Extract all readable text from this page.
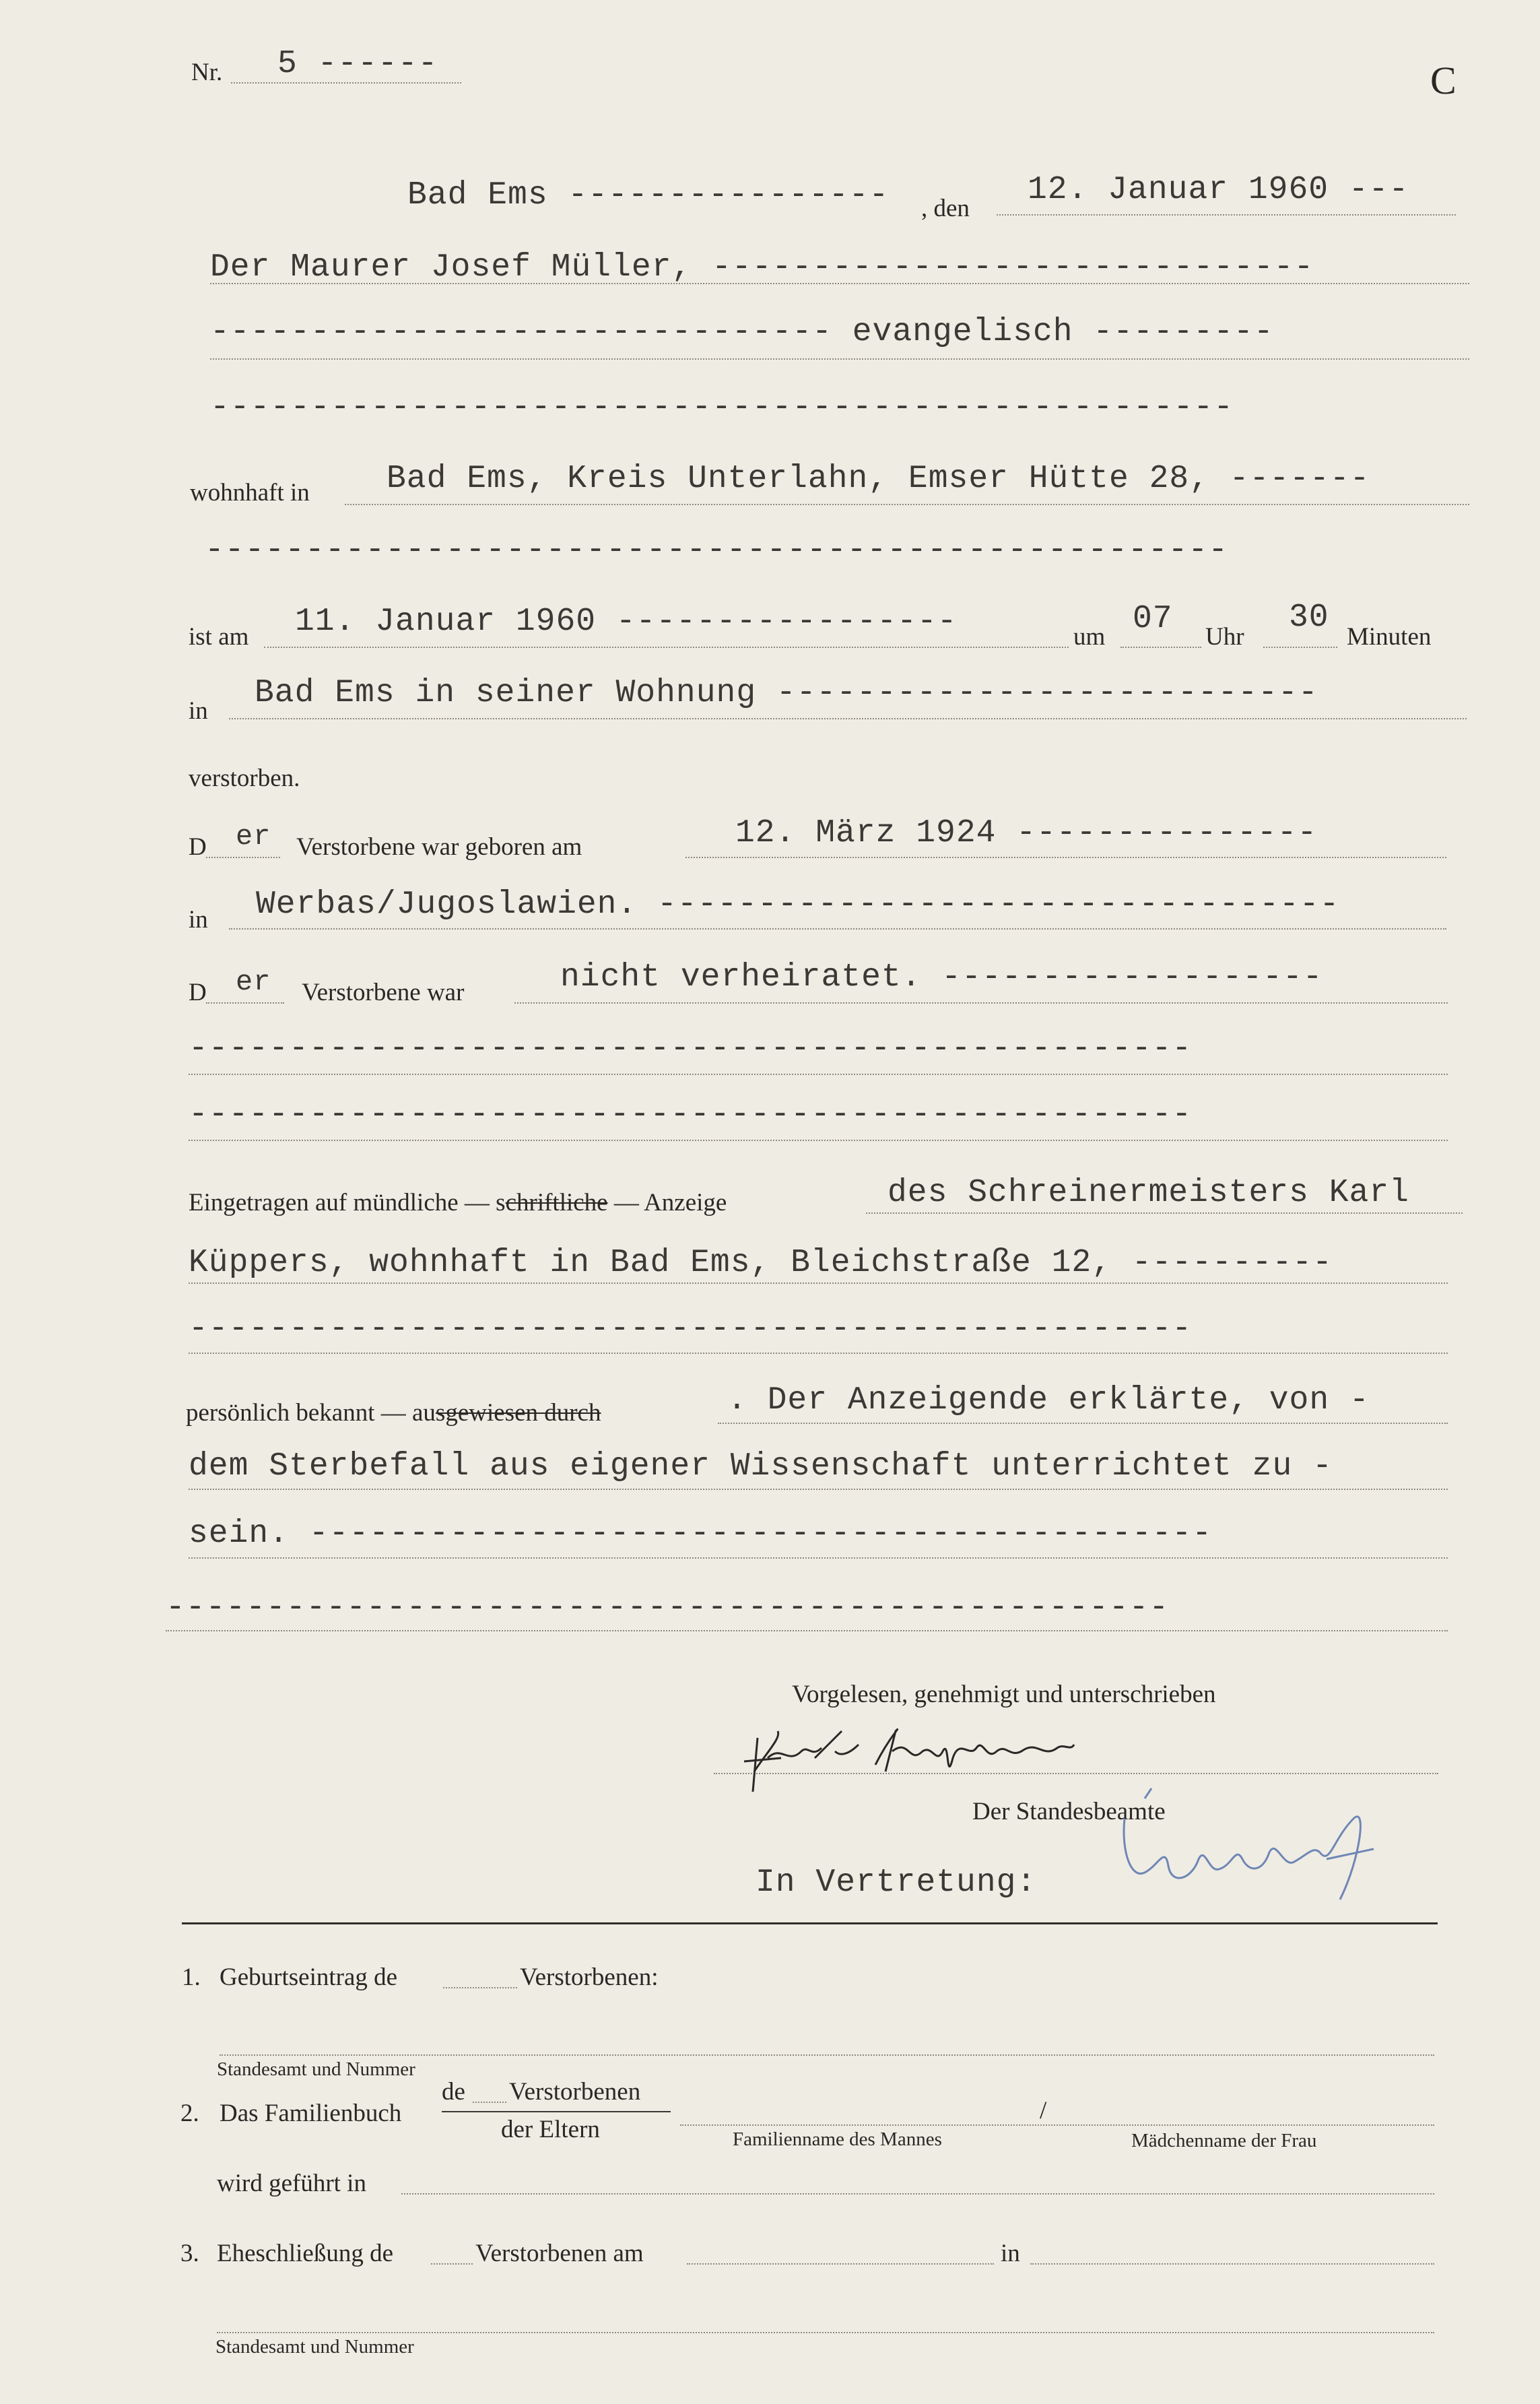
Nr. 5 ------	C
Bad Ems ---------------- , den
12. Januar 1960 ---
Der Maurer Josef Müller, ------------------------------
------------------------------- evangelisch ---------
---------------------------------------------------
wohnhaft in Bad Ems, Kreis Unterlahn, Emser Hütte 28, -------
---------------------------------------------------
ist am 11. Januar 1960 -----------------	um 07 Uhr
30
Minuten
in Bad Ems in seiner Wohnung ---------------------------
verstorben.
D er Verstorbene war geboren am	12. März 1924 ---------------
in Werbas/Jugoslawien. ----------------------------------
D er Verstorbene war	nicht verheiratet. -------------------
--------------------------------------------------
--------------------------------------------------
Eingetragen auf mündliche — schriftliche — Anzeige	des Schreinermeisters Karl
Küppers, wohnhaft in Bad Ems, Bleichstraße 12, ----------
--------------------------------------------------
persönlich bekannt — ausgewiesen durch	. Der Anzeigende erklärte, von -
dem Sterbefall aus eigener Wissenschaft unterrichtet zu -
sein. ---------------------------------------------
--------------------------------------------------
Vorgelesen, genehmigt und unterschrieben
Der Standesbeamte
In Vertretung:
1. Geburtseintrag de	Verstorbenen:
Standesamt und Nummer
2. Das Familienbuch
de Verstorbenen
der Eltern	Familienname des Mannes
/
Mädchenname der Frau
wird geführt in
3. Eheschließung de	Verstorbenen am	in
Standesamt und Nummer
